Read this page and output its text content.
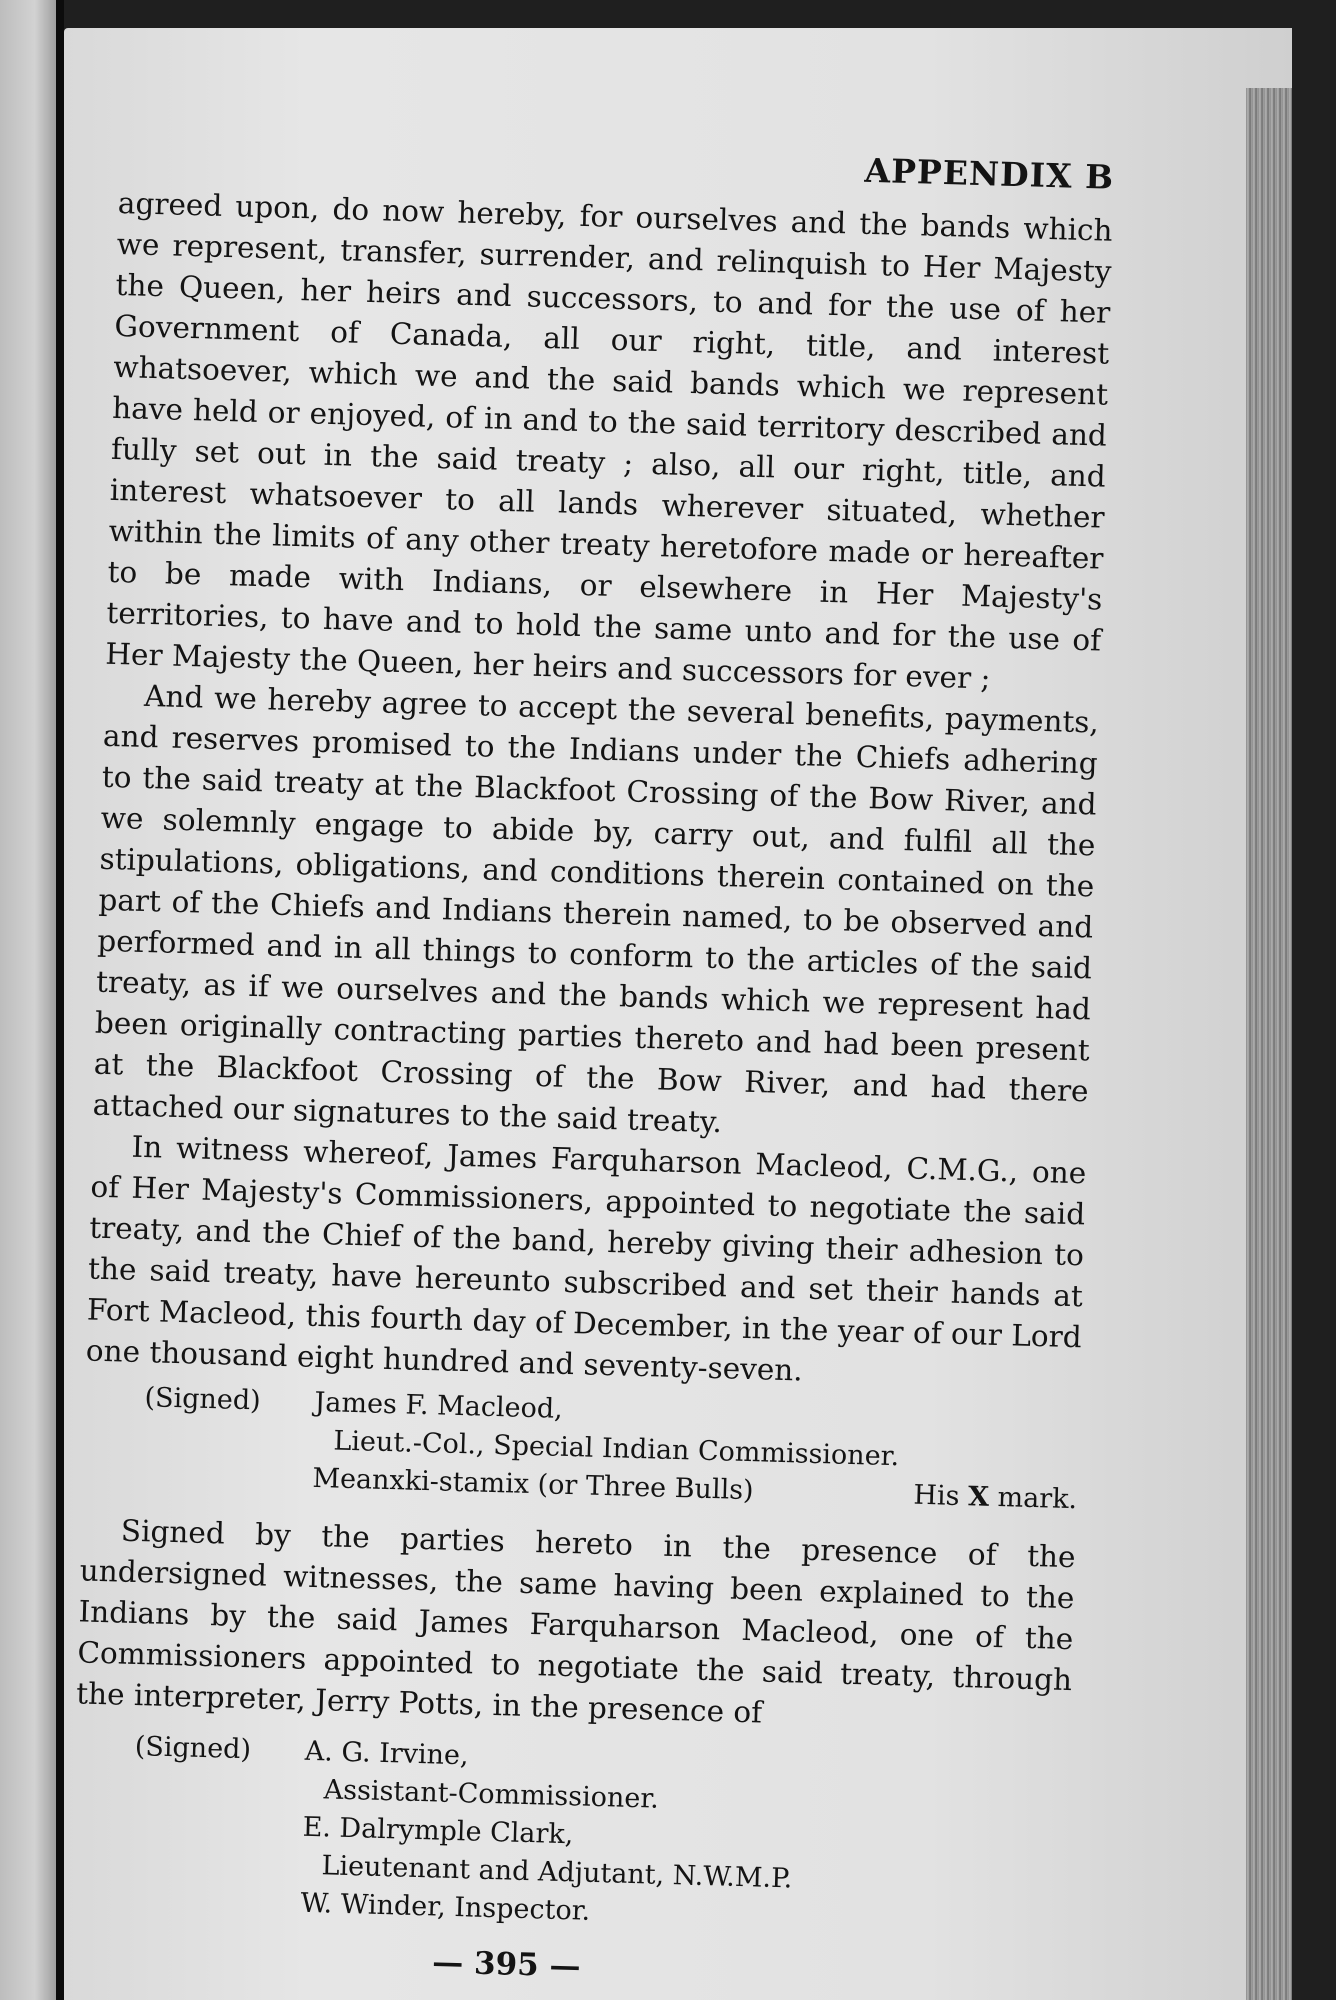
APPENDIX B

agreed upon, do now hereby, for ourselves and the bands which we represent, transfer, surrender, and relinquish to Her Majesty the Queen, her heirs and successors, to and for the use of her Government of Canada, all our right, title, and interest whatsoever, which we and the said bands which we represent have held or enjoyed, of in and to the said territory described and fully set out in the said treaty ; also, all our right, title, and interest whatsoever to all lands wherever situated, whether within the limits of any other treaty heretofore made or hereafter to be made with Indians, or elsewhere in Her Majesty's territories, to have and to hold the same unto and for the use of Her Majesty the Queen, her heirs and successors for ever ;

And we hereby agree to accept the several benefits, payments, and reserves promised to the Indians under the Chiefs adhering to the said treaty at the Blackfoot Crossing of the Bow River, and we solemnly engage to abide by, carry out, and fulfil all the stipulations, obligations, and conditions therein contained on the part of the Chiefs and Indians therein named, to be observed and performed and in all things to conform to the articles of the said treaty, as if we ourselves and the bands which we represent had been originally contracting parties thereto and had been present at the Blackfoot Crossing of the Bow River, and had there attached our signatures to the said treaty.

In witness whereof, James Farquharson Macleod, C.M.G., one of Her Majesty's Commissioners, appointed to negotiate the said treaty, and the Chief of the band, hereby giving their adhesion to the said treaty, have hereunto subscribed and set their hands at Fort Macleod, this fourth day of December, in the year of our Lord one thousand eight hundred and seventy-seven.

(Signed)	James F. Macleod,
Lieut.-Col., Special Indian Commissioner.
Meanxki-stamix (or Three Bulls)	His X mark.

Signed by the parties hereto in the presence of the undersigned witnesses, the same having been explained to the Indians by the said James Farquharson Macleod, one of the Commissioners appointed to negotiate the said treaty, through the interpreter, Jerry Potts, in the presence of

(Signed)	A. G. Irvine,
Assistant-Commissioner.
E. Dalrymple Clark,
Lieutenant and Adjutant, N.W.M.P.
W. Winder, Inspector.
— 395 —
